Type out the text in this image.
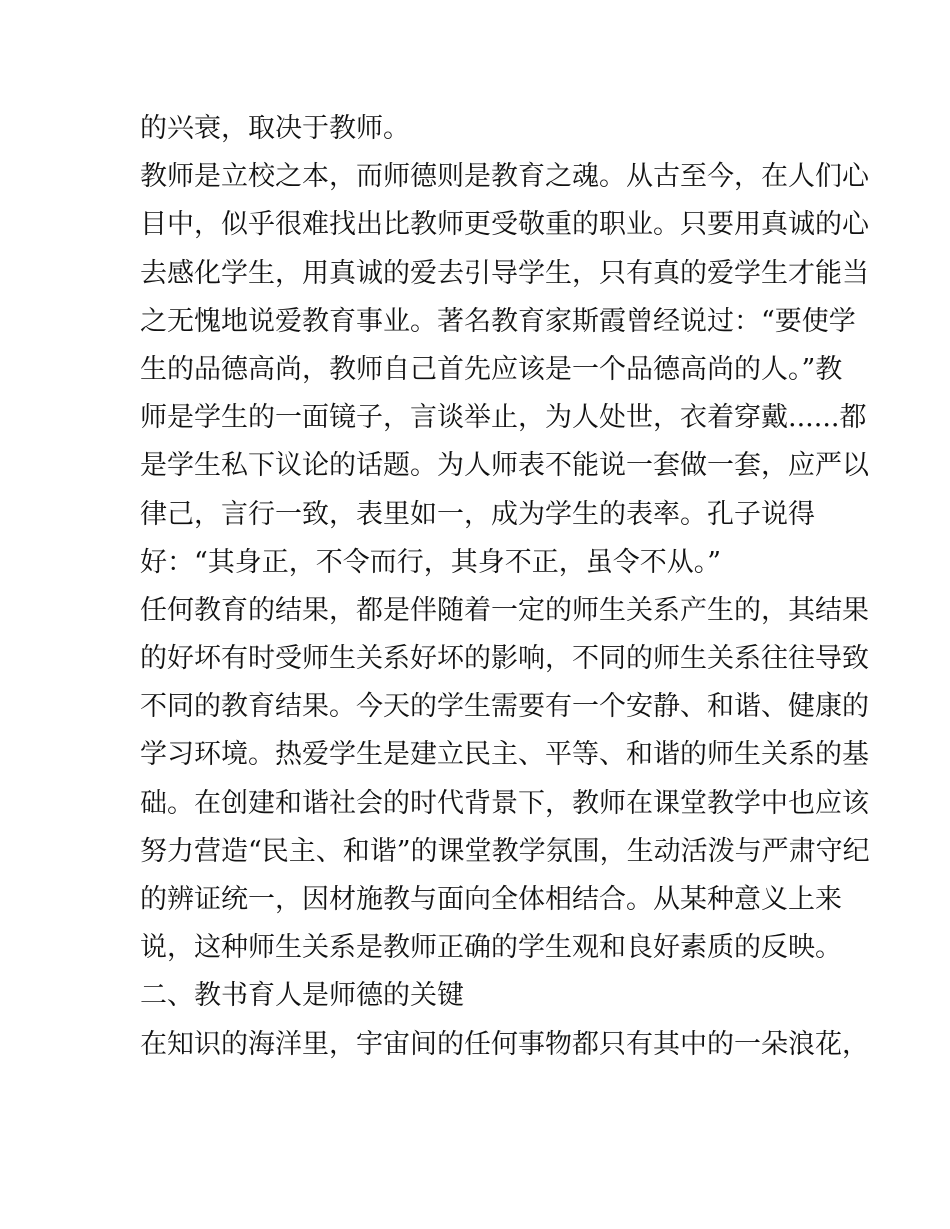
的兴衰，取决于教师。
教师是立校之本，而师德则是教育之魂。从古至今，在人们心
目中，似乎很难找出比教师更受敬重的职业。只要用真诚的心
去感化学生，用真诚的爱去引导学生，只有真的爱学生才能当
之无愧地说爱教育事业。著名教育家斯霞曾经说过：“要使学
生的品德高尚，教师自己首先应该是一个品德高尚的人。”教
师是学生的一面镜子，言谈举止，为人处世，衣着穿戴......都
是学生私下议论的话题。为人师表不能说一套做一套，应严以
律己，言行一致，表里如一，成为学生的表率。孔子说得
好：“其身正，不令而行，其身不正，虽令不从。”
任何教育的结果，都是伴随着一定的师生关系产生的，其结果
的好坏有时受师生关系好坏的影响，不同的师生关系往往导致
不同的教育结果。今天的学生需要有一个安静、和谐、健康的
学习环境。热爱学生是建立民主、平等、和谐的师生关系的基
础。在创建和谐社会的时代背景下，教师在课堂教学中也应该
努力营造“民主、和谐”的课堂教学氛围，生动活泼与严肃守纪
的辨证统一，因材施教与面向全体相结合。从某种意义上来
说，这种师生关系是教师正确的学生观和良好素质的反映。
二、教书育人是师德的关键
在知识的海洋里，宇宙间的任何事物都只有其中的一朵浪花，
